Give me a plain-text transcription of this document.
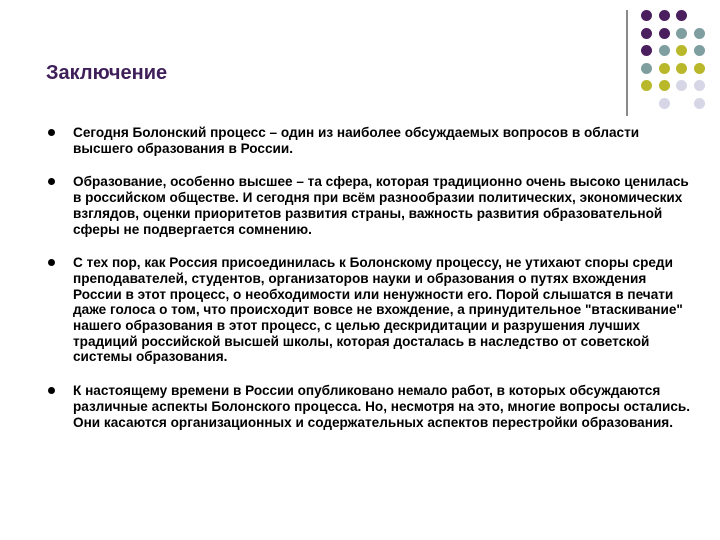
Заключение
Сегодня Болонский процесс – один из наиболее обсуждаемых вопросов в области высшего образования в России.
Образование, особенно высшее – та сфера, которая традиционно очень высоко ценилась в российском обществе. И сегодня при всём разнообразии политических, экономических взглядов, оценки приоритетов развития страны, важность развития образовательной сферы не подвергается сомнению.
С тех пор, как Россия присоединилась к Болонскому процессу, не утихают споры среди преподавателей, студентов, организаторов науки и образования о путях вхождения России в этот процесс, о необходимости или ненужности его. Порой слышатся в печати даже голоса о том, что происходит вовсе не вхождение, а принудительное "втаскивание" нашего образования в этот процесс, с целью дескридитации и разрушения лучших традиций российской высшей школы, которая досталась в наследство от советской системы образования.
К настоящему времени в России опубликовано немало работ, в которых обсуждаются различные аспекты Болонского процесса. Но, несмотря на это, многие вопросы остались. Они касаются организационных и содержательных аспектов перестройки образования.
